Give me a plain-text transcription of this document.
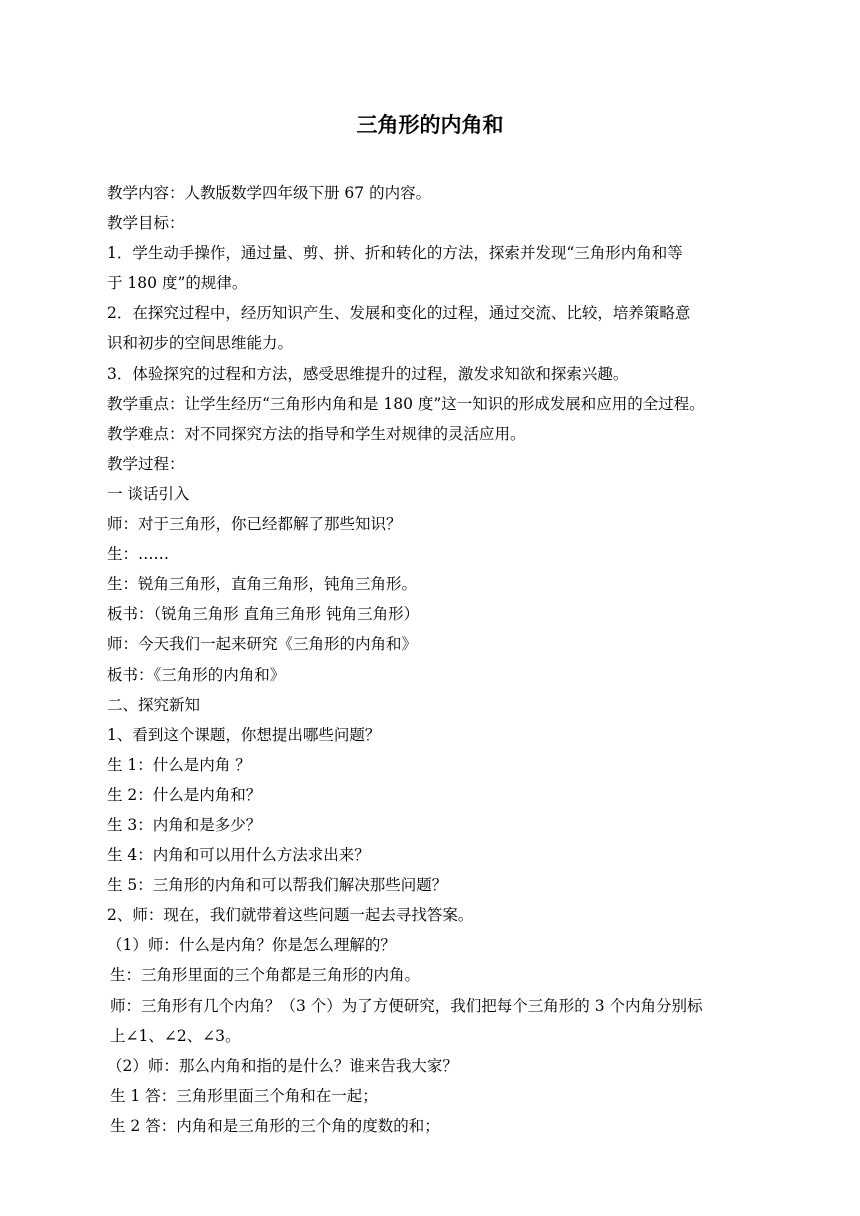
三角形的内角和
教学内容：人教版数学四年级下册 67 的内容。
教学目标：
1．学生动手操作，通过量、剪、拼、折和转化的方法，探索并发现“三角形内角和等
于 180 度”的规律。
2．在探究过程中，经历知识产生、发展和变化的过程，通过交流、比较，培养策略意
识和初步的空间思维能力。
3．体验探究的过程和方法，感受思维提升的过程，激发求知欲和探索兴趣。
教学重点：让学生经历“三角形内角和是 180 度”这一知识的形成发展和应用的全过程。
教学难点：对不同探究方法的指导和学生对规律的灵活应用。
教学过程：
一 谈话引入
师：对于三角形，你已经都解了那些知识？
生：……
生：锐角三角形，直角三角形，钝角三角形。
板书：（锐角三角形 直角三角形 钝角三角形）
师：今天我们一起来研究《三角形的内角和》
板书：《三角形的内角和》
二、探究新知
1、看到这个课题，你想提出哪些问题？
生 1：什么是内角 ？
生 2：什么是内角和？
生 3：内角和是多少？
生 4：内角和可以用什么方法求出来？
生 5：三角形的内角和可以帮我们解决那些问题？
2、师：现在，我们就带着这些问题一起去寻找答案。
（1）师：什么是内角？你是怎么理解的？
生：三角形里面的三个角都是三角形的内角。
师：三角形有几个内角？（3 个）为了方便研究，我们把每个三角形的 3 个内角分别标
上∠1、∠2、∠3。
（2）师：那么内角和指的是什么？谁来告我大家？
生 1 答：三角形里面三个角和在一起；
生 2 答：内角和是三角形的三个角的度数的和；
